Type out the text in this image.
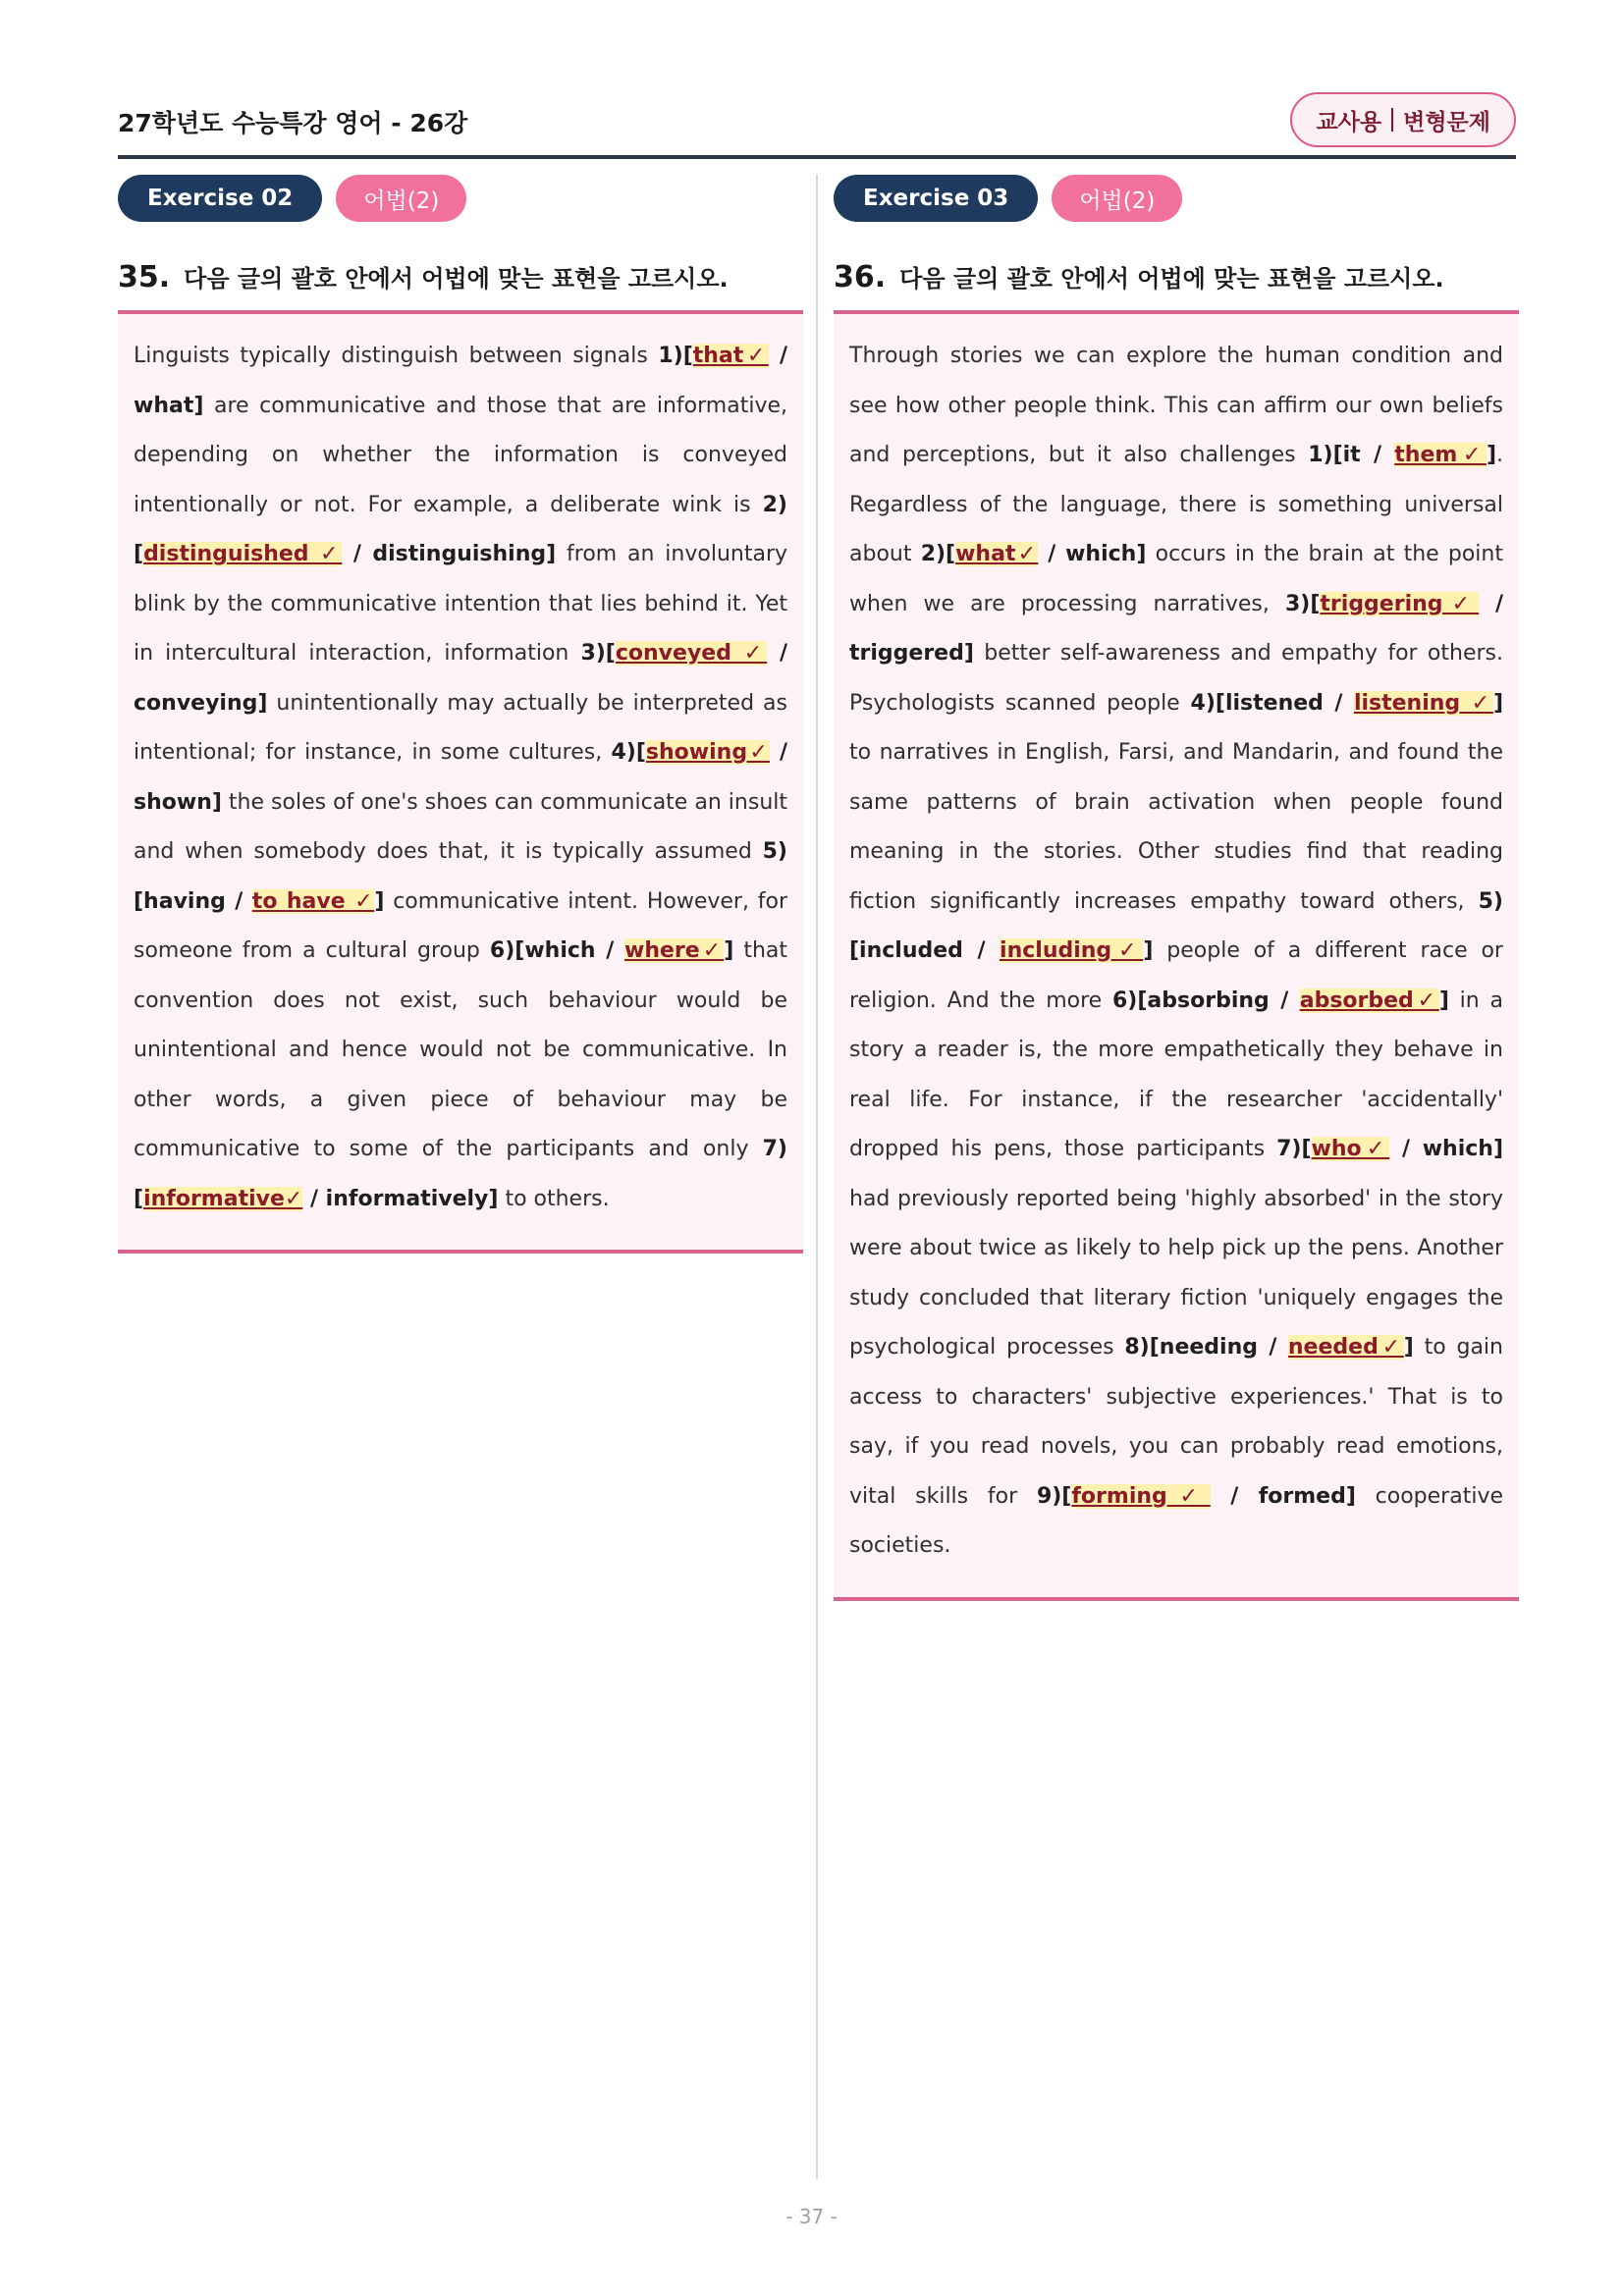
27학년도 수능특강 영어 - 26강	교사용 변형문제
Exercise 02	어법(2)
35. 다음 글의 괄호 안에서 어법에 맞는 표현을 고르시오.

Linguists typically distinguish between signals 1)[that✓ / what] are communicative and those that are informative, depending on whether the information is conveyed intentionally or not. For example, a deliberate wink is 2)[distinguished ✓ / distinguishing] from an involuntary blink by the communicative intention that lies behind it. Yet in intercultural interaction, information 3)[conveyed ✓ / conveying] unintentionally may actually be interpreted as intentional; for instance, in some cultures, 4)[showing✓ / shown] the soles of one's shoes can communicate an insult and when somebody does that, it is typically assumed 5)[having / to have ✓] communicative intent. However, for someone from a cultural group 6)[which / where✓] that convention does not exist, such behaviour would be unintentional and hence would not be communicative. In other words, a given piece of behaviour may be communicative to some of the participants and only 7)[informative✓ / informatively] to others.

Exercise 03	어법(2)
36. 다음 글의 괄호 안에서 어법에 맞는 표현을 고르시오.

Through stories we can explore the human condition and see how other people think. This can affirm our own beliefs and perceptions, but it also challenges 1)[it / them✓]. Regardless of the language, there is something universal about 2)[what✓ / which] occurs in the brain at the point when we are processing narratives, 3)[triggering✓ / triggered] better self-awareness and empathy for others. Psychologists scanned people 4)[listened / listening ✓] to narratives in English, Farsi, and Mandarin, and found the same patterns of brain activation when people found meaning in the stories. Other studies find that reading fiction significantly increases empathy toward others, 5)[included / including✓] people of a different race or religion. And the more 6)[absorbing / absorbed✓] in a story a reader is, the more empathetically they behave in real life. For instance, if the researcher 'accidentally' dropped his pens, those participants 7)[who✓ / which] had previously reported being 'highly absorbed' in the story were about twice as likely to help pick up the pens. Another study concluded that literary fiction 'uniquely engages the psychological processes 8)[needing / needed✓] to gain access to characters' subjective experiences.' That is to say, if you read novels, you can probably read emotions, vital skills for 9)[forming✓ / formed] cooperative societies.

- 37 -
